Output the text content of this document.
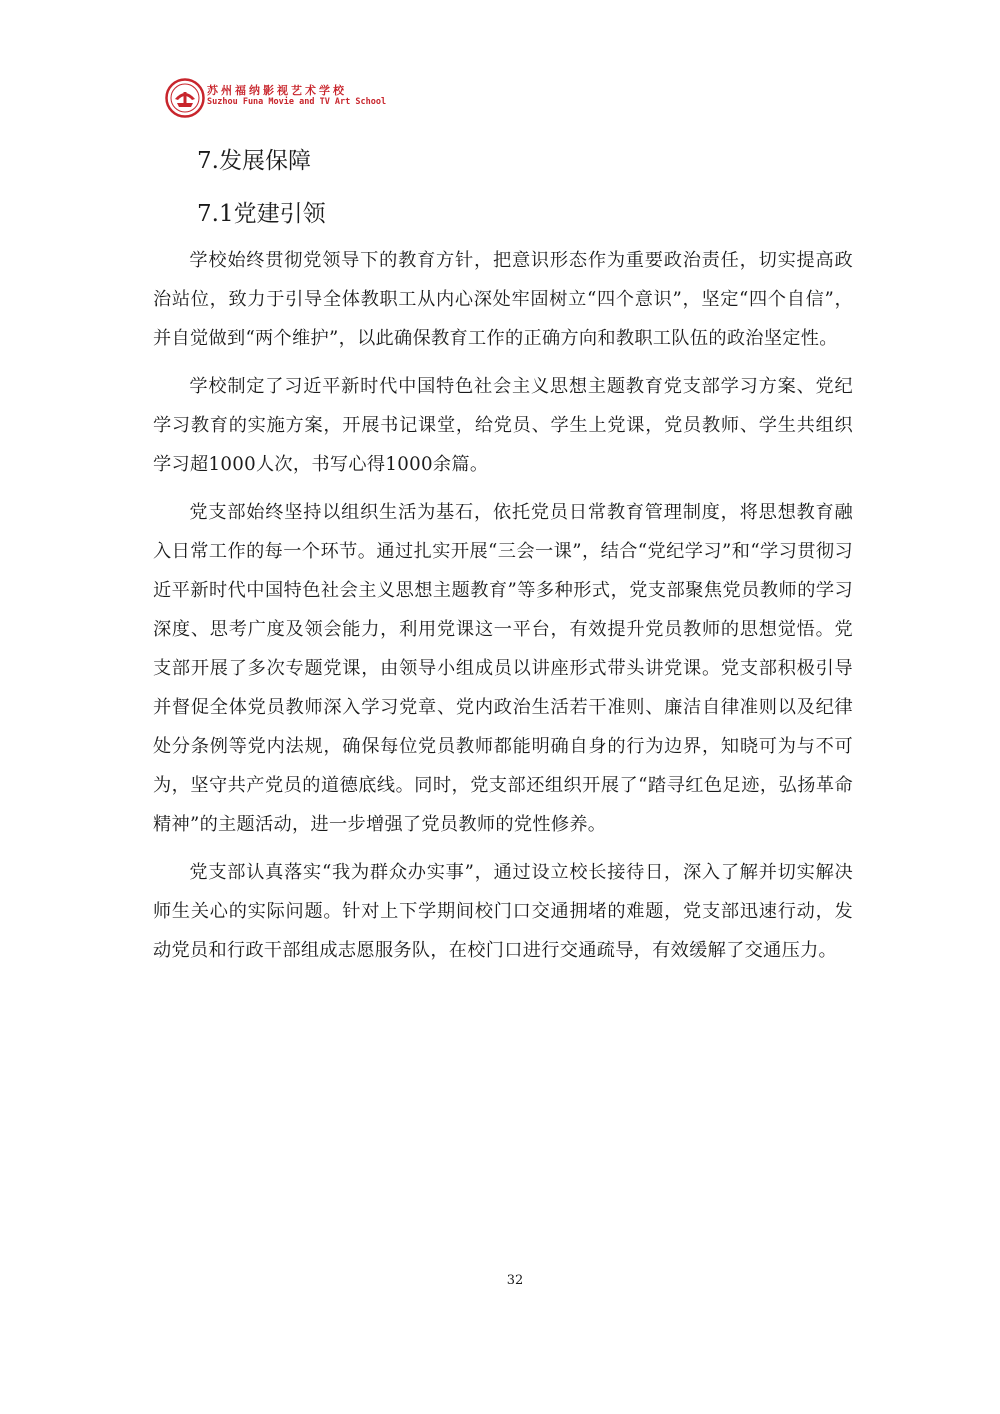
苏州福纳影视艺术学校
Suzhou Funa Movie and TV Art School
7.发展保障
7.1党建引领

学校始终贯彻党领导下的教育方针，把意识形态作为重要政治责任，切实提高政治站位，致力于引导全体教职工从内心深处牢固树立“四个意识”，坚定“四个自信”，并自觉做到“两个维护”，以此确保教育工作的正确方向和教职工队伍的政治坚定性。

学校制定了习近平新时代中国特色社会主义思想主题教育党支部学习方案、党纪学习教育的实施方案，开展书记课堂，给党员、学生上党课，党员教师、学生共组织学习超1000人次，书写心得1000余篇。

党支部始终坚持以组织生活为基石，依托党员日常教育管理制度，将思想教育融入日常工作的每一个环节。通过扎实开展“三会一课”，结合“党纪学习”和“学习贯彻习近平新时代中国特色社会主义思想主题教育”等多种形式，党支部聚焦党员教师的学习深度、思考广度及领会能力，利用党课这一平台，有效提升党员教师的思想觉悟。党支部开展了多次专题党课，由领导小组成员以讲座形式带头讲党课。党支部积极引导并督促全体党员教师深入学习党章、党内政治生活若干准则、廉洁自律准则以及纪律处分条例等党内法规，确保每位党员教师都能明确自身的行为边界，知晓可为与不可为，坚守共产党员的道德底线。同时，党支部还组织开展了“踏寻红色足迹，弘扬革命精神”的主题活动，进一步增强了党员教师的党性修养。

党支部认真落实“我为群众办实事”，通过设立校长接待日，深入了解并切实解决师生关心的实际问题。针对上下学期间校门口交通拥堵的难题，党支部迅速行动，发动党员和行政干部组成志愿服务队，在校门口进行交通疏导，有效缓解了交通压力。

32
